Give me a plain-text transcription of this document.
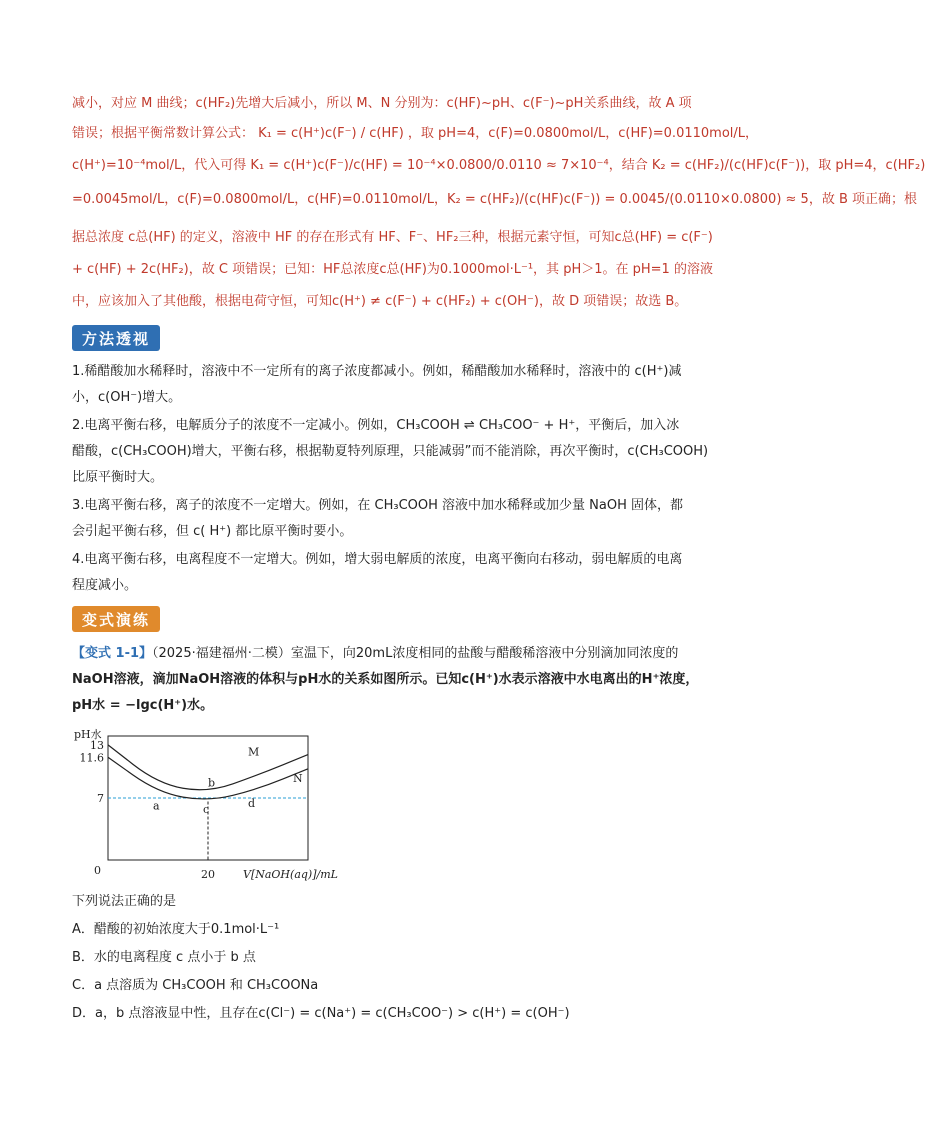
减小，对应 M 曲线；c(HF₂)先增大后减小，所以 M、N 分别为：c(HF)~pH、c(F⁻)~pH关系曲线，故 A 项
错误；根据平衡常数计算公式： K₁ = c(H⁺)c(F⁻) / c(HF) ，取 pH=4，c(F)=0.0800mol/L，c(HF)=0.0110mol/L，
c(H⁺)=10⁻⁴mol/L，代入可得 K₁ = c(H⁺)c(F⁻)/c(HF) = 10⁻⁴×0.0800/0.0110 ≈ 7×10⁻⁴，结合 K₂ = c(HF₂)/(c(HF)c(F⁻))，取 pH=4，c(HF₂)
=0.0045mol/L，c(F)=0.0800mol/L，c(HF)=0.0110mol/L，K₂ = c(HF₂)/(c(HF)c(F⁻)) = 0.0045/(0.0110×0.0800) ≈ 5，故 B 项正确；根
据总浓度 c总(HF) 的定义，溶液中 HF 的存在形式有 HF、F⁻、HF₂三种，根据元素守恒，可知c总(HF) = c(F⁻)
+ c(HF) + 2c(HF₂)，故 C 项错误；已知：HF总浓度c总(HF)为0.1000mol·L⁻¹，其 pH＞1。在 pH=1 的溶液
中，应该加入了其他酸，根据电荷守恒，可知c(H⁺) ≠ c(F⁻) + c(HF₂) + c(OH⁻)，故 D 项错误；故选 B。
方法透视
1.稀醋酸加水稀释时，溶液中不一定所有的离子浓度都减小。例如，稀醋酸加水稀释时，溶液中的 c(H⁺)减
小，c(OH⁻)增大。
2.电离平衡右移，电解质分子的浓度不一定减小。例如，CH₃COOH ⇌ CH₃COO⁻ + H⁺，平衡后，加入冰
醋酸，c(CH₃COOH)增大，平衡右移，根据勒夏特列原理，只能减弱”而不能消除，再次平衡时，c(CH₃COOH)
比原平衡时大。
3.电离平衡右移，离子的浓度不一定增大。例如，在 CH₃COOH 溶液中加水稀释或加少量 NaOH 固体，都
会引起平衡右移，但 c( H⁺) 都比原平衡时要小。
4.电离平衡右移，电离程度不一定增大。例如，增大弱电解质的浓度，电离平衡向右移动，弱电解质的电离
程度减小。
变式演练
【变式 1-1】（2025·福建福州·二模）室温下，向20mL浓度相同的盐酸与醋酸稀溶液中分别滴加同浓度的
NaOH溶液，滴加NaOH溶液的体积与pH水的关系如图所示。已知c(H⁺)水表示溶液中水电离出的H⁺浓度，
pH水 = −lgc(H⁺)水。
13
11.6
7
0	20
pH水
V[NaOH(aq)]/mL
a
b
c	d
M
N
下列说法正确的是
A．醋酸的初始浓度大于0.1mol·L⁻¹
B．水的电离程度 c 点小于 b 点
C．a 点溶质为 CH₃COOH 和 CH₃COONa
D．a，b 点溶液显中性，且存在c(Cl⁻) = c(Na⁺) = c(CH₃COO⁻) > c(H⁺) = c(OH⁻)
